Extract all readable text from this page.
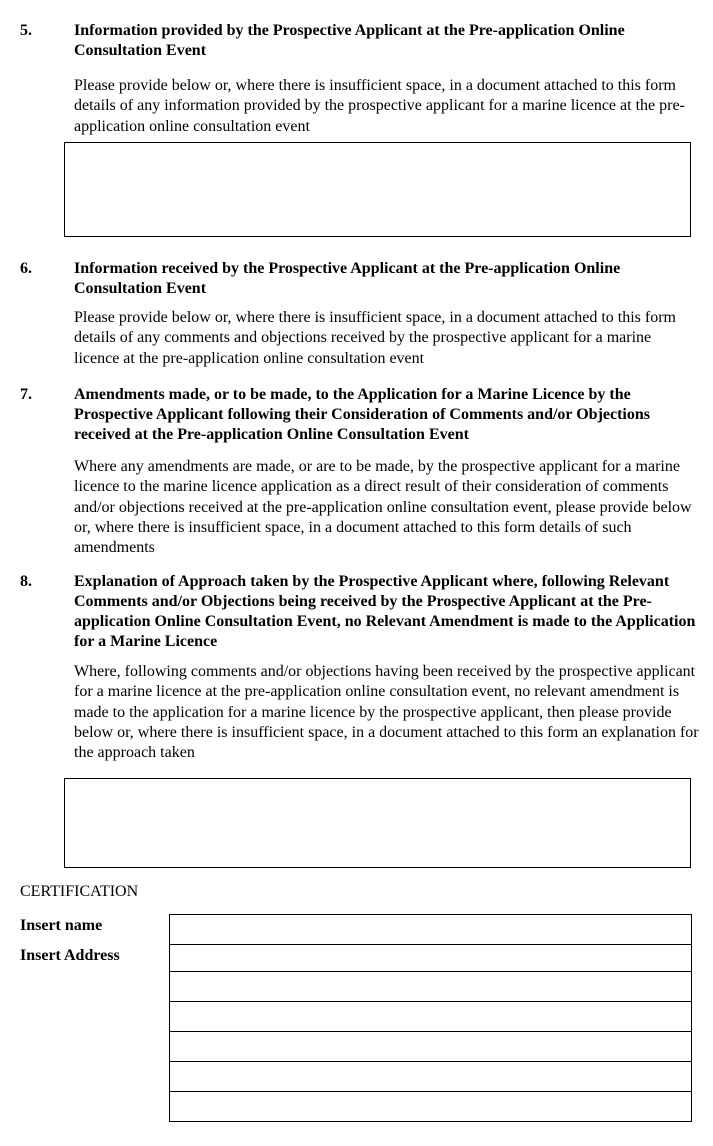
5.	Information provided by the Prospective Applicant at the Pre-application Online Consultation Event
Please provide below or, where there is insufficient space, in a document attached to this form details of any information provided by the prospective applicant for a marine licence at the pre-application online consultation event
6.	Information received by the Prospective Applicant at the Pre-application Online Consultation Event
Please provide below or, where there is insufficient space, in a document attached to this form details of any comments and objections received by the prospective applicant for a marine licence at the pre-application online consultation event
7.	Amendments made, or to be made, to the Application for a Marine Licence by the Prospective Applicant following their Consideration of Comments and/or Objections received at the Pre-application Online Consultation Event
Where any amendments are made, or are to be made, by the prospective applicant for a marine licence to the marine licence application as a direct result of their consideration of comments and/or objections received at the pre-application online consultation event, please provide below or, where there is insufficient space, in a document attached to this form details of such amendments
8.	Explanation of Approach taken by the Prospective Applicant where, following Relevant Comments and/or Objections being received by the Prospective Applicant at the Pre-application Online Consultation Event, no Relevant Amendment is made to the Application for a Marine Licence
Where, following comments and/or objections having been received by the prospective applicant for a marine licence at the pre-application online consultation event, no relevant amendment is made to the application for a marine licence by the prospective applicant, then please provide below or, where there is insufficient space, in a document attached to this form an explanation for the approach taken
CERTIFICATION
Insert name
Insert Address
